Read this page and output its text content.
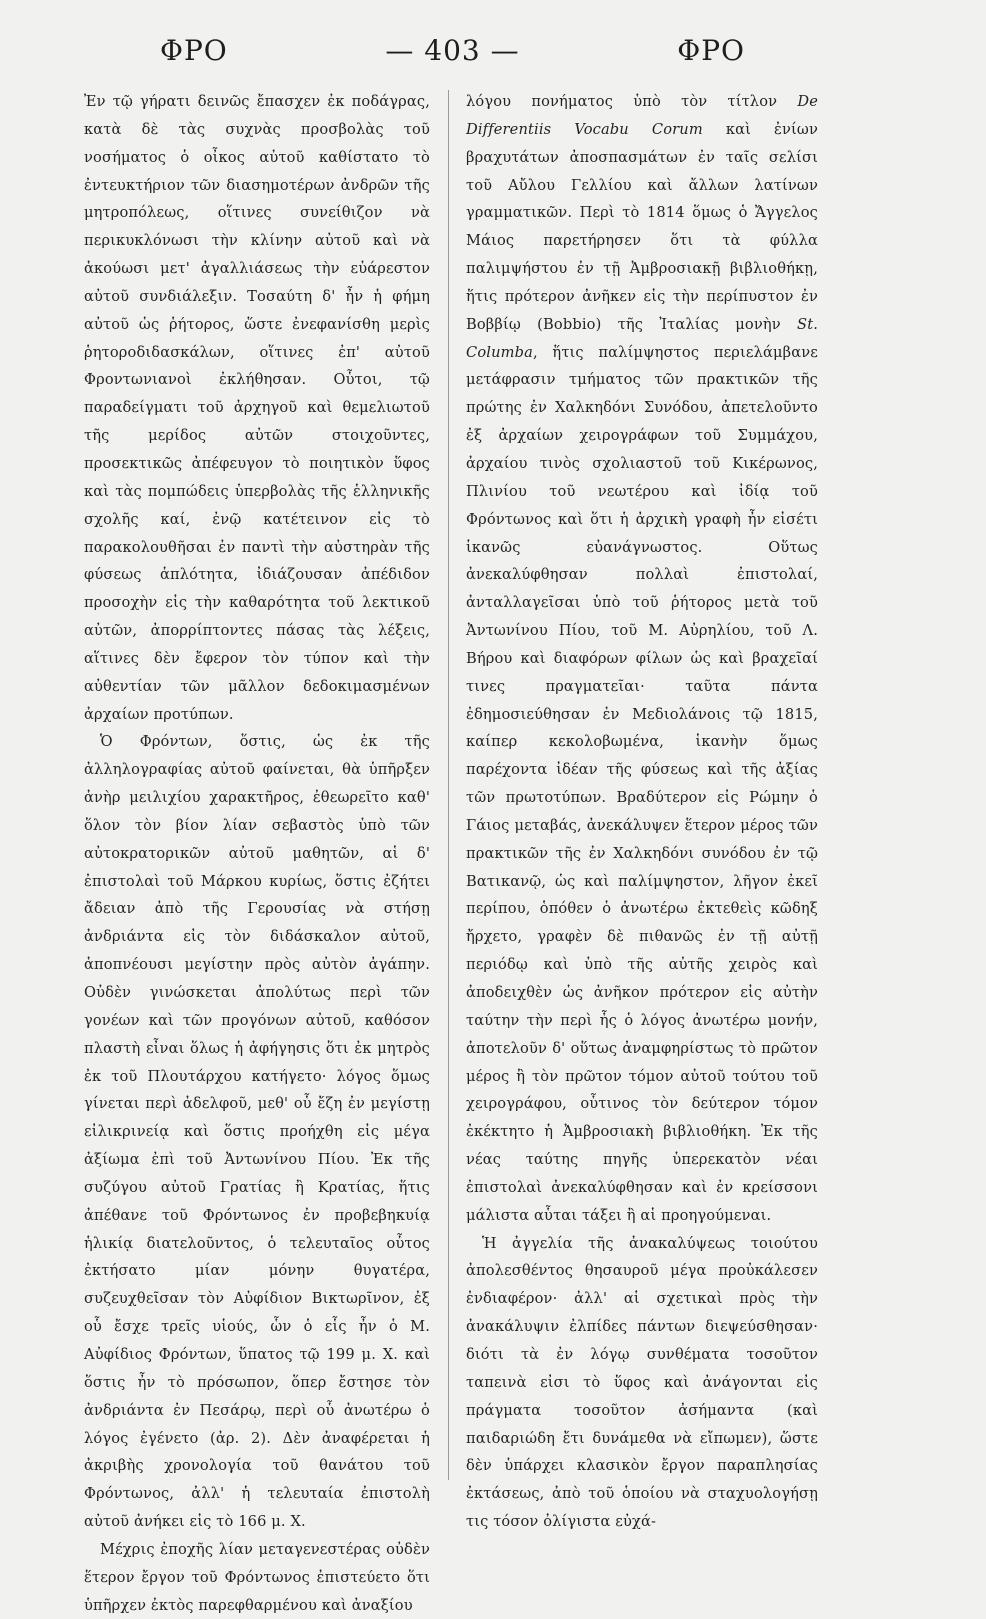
ΦΡΟ	— 403 —	ΦΡΟ

Ἐν τῷ γήρατι δεινῶς ἔπασχεν ἐκ ποδάγρας, κατὰ δὲ τὰς συχνὰς προσβολὰς τοῦ νοσήματος ὁ οἶκος αὐτοῦ καθίστατο τὸ ἐντευκτήριον τῶν διασημοτέρων ἀνδρῶν τῆς μητροπόλεως, οἵτινες συνείθιζον νὰ περικυκλόνωσι τὴν κλίνην αὐτοῦ καὶ νὰ ἀκούωσι μετ' ἀγαλλιάσεως τὴν εὐάρεστον αὐτοῦ συνδιάλεξιν. Τοσαύτη δ' ἦν ἡ φήμη αὐτοῦ ὡς ῥήτορος, ὥστε ἐνεφανίσθη μερὶς ῥητοροδιδασκάλων, οἵτινες ἐπ' αὐτοῦ Φροντωνιανοὶ ἐκλήθησαν. Οὗτοι, τῷ παραδείγματι τοῦ ἀρχηγοῦ καὶ θεμελιωτοῦ τῆς μερίδος αὐτῶν στοιχοῦντες, προσεκτικῶς ἀπέφευγον τὸ ποιητικὸν ὕφος καὶ τὰς πομπώδεις ὑπερβολὰς τῆς ἑλληνικῆς σχολῆς καί, ἐνῷ κατέτεινον εἰς τὸ παρακολουθῆσαι ἐν παντὶ τὴν αὐστηρὰν τῆς φύσεως ἁπλότητα, ἰδιάζουσαν ἀπέδιδον προσοχὴν εἰς τὴν καθαρότητα τοῦ λεκτικοῦ αὐτῶν, ἀπορρίπτοντες πάσας τὰς λέξεις, αἵτινες δὲν ἔφερον τὸν τύπον καὶ τὴν αὐθεντίαν τῶν μᾶλλον δεδοκιμασμένων ἀρχαίων προτύπων.

Ὁ Φρόντων, ὅστις, ὡς ἐκ τῆς ἀλληλογραφίας αὐτοῦ φαίνεται, θὰ ὑπῆρξεν ἀνὴρ μειλιχίου χαρακτῆρος, ἐθεωρεῖτο καθ' ὅλον τὸν βίον λίαν σεβαστὸς ὑπὸ τῶν αὐτοκρατορικῶν αὐτοῦ μαθητῶν, αἱ δ' ἐπιστολαὶ τοῦ Μάρκου κυρίως, ὅστις ἐζήτει ἄδειαν ἀπὸ τῆς Γερουσίας νὰ στήσῃ ἀνδριάντα εἰς τὸν διδάσκαλον αὐτοῦ, ἀποπνέουσι μεγίστην πρὸς αὐτὸν ἀγάπην. Οὐδὲν γινώσκεται ἀπολύτως περὶ τῶν γονέων καὶ τῶν προγόνων αὐτοῦ, καθόσον πλαστὴ εἶναι ὅλως ἡ ἀφήγησις ὅτι ἐκ μητρὸς ἐκ τοῦ Πλουτάρχου κατήγετο· λόγος ὅμως γίνεται περὶ ἀδελφοῦ, μεθ' οὗ ἔζη ἐν μεγίστῃ εἰλικρινείᾳ καὶ ὅστις προήχθη εἰς μέγα ἀξίωμα ἐπὶ τοῦ Ἀντωνίνου Πίου. Ἐκ τῆς συζύγου αὐτοῦ Γρατίας ἢ Κρατίας, ἥτις ἀπέθανε τοῦ Φρόντωνος ἐν προβεβηκυίᾳ ἡλικίᾳ διατελοῦντος, ὁ τελευταῖος οὗτος ἐκτήσατο μίαν μόνην θυγατέρα, συζευχθεῖσαν τὸν Αὐφίδιον Βικτωρῖνον, ἐξ οὗ ἔσχε τρεῖς υἱούς, ὧν ὁ εἷς ἦν ὁ Μ. Αὐφίδιος Φρόντων, ὕπατος τῷ 199 μ. Χ. καὶ ὅστις ἦν τὸ πρόσωπον, ὅπερ ἔστησε τὸν ἀνδριάντα ἐν Πεσάρῳ, περὶ οὗ ἀνωτέρω ὁ λόγος ἐγένετο (ἀρ. 2). Δὲν ἀναφέρεται ἡ ἀκριβὴς χρονολογία τοῦ θανάτου τοῦ Φρόντωνος, ἀλλ' ἡ τελευταία ἐπιστολὴ αὐτοῦ ἀνήκει εἰς τὸ 166 μ. Χ.

Μέχρις ἐποχῆς λίαν μεταγενεστέρας οὐδὲν ἕτερον ἔργον τοῦ Φρόντωνος ἐπιστεύετο ὅτι ὑπῆρχεν ἐκτὸς παρεφθαρμένου καὶ ἀναξίου

λόγου πονήματος ὑπὸ τὸν τίτλον De Differentiis Vocabu Corum καὶ ἐνίων βραχυτάτων ἀποσπασμάτων ἐν ταῖς σελίσι τοῦ Αὔλου Γελλίου καὶ ἄλλων λατίνων γραμματικῶν. Περὶ τὸ 1814 ὅμως ὁ Ἄγγελος Μάιος παρετήρησεν ὅτι τὰ φύλλα παλιμψήστου ἐν τῇ Ἀμβροσιακῇ βιβλιοθήκῃ, ἥτις πρότερον ἀνῆκεν εἰς τὴν περίπυστον ἐν Βοββίῳ (Bobbio) τῆς Ἰταλίας μονὴν St. Columba, ἥτις παλίμψηστος περιελάμβανε μετάφρασιν τμήματος τῶν πρακτικῶν τῆς πρώτης ἐν Χαλκηδόνι Συνόδου, ἀπετελοῦντο ἐξ ἀρχαίων χειρογράφων τοῦ Συμμάχου, ἀρχαίου τινὸς σχολιαστοῦ τοῦ Κικέρωνος, Πλινίου τοῦ νεωτέρου καὶ ἰδίᾳ τοῦ Φρόντωνος καὶ ὅτι ἡ ἀρχικὴ γραφὴ ἦν εἰσέτι ἱκανῶς εὐανάγνωστος. Οὕτως ἀνεκαλύφθησαν πολλαὶ ἐπιστολαί, ἀνταλλαγεῖσαι ὑπὸ τοῦ ῥήτορος μετὰ τοῦ Ἀντωνίνου Πίου, τοῦ Μ. Αὐρηλίου, τοῦ Λ. Βήρου καὶ διαφόρων φίλων ὡς καὶ βραχεῖαί τινες πραγματεῖαι· ταῦτα πάντα ἐδημοσιεύθησαν ἐν Μεδιολάνοις τῷ 1815, καίπερ κεκολοβωμένα, ἱκανὴν ὅμως παρέχοντα ἰδέαν τῆς φύσεως καὶ τῆς ἀξίας τῶν πρωτοτύπων. Βραδύτερον εἰς Ρώμην ὁ Γάιος μεταβάς, ἀνεκάλυψεν ἕτερον μέρος τῶν πρακτικῶν τῆς ἐν Χαλκηδόνι συνόδου ἐν τῷ Βατικανῷ, ὡς καὶ παλίμψηστον, λῆγον ἐκεῖ περίπου, ὁπόθεν ὁ ἀνωτέρω ἐκτεθεὶς κῶδηξ ἤρχετο, γραφὲν δὲ πιθανῶς ἐν τῇ αὐτῇ περιόδῳ καὶ ὑπὸ τῆς αὐτῆς χειρὸς καὶ ἀποδειχθὲν ὡς ἀνῆκον πρότερον εἰς αὐτὴν ταύτην τὴν περὶ ἧς ὁ λόγος ἀνωτέρω μονήν, ἀποτελοῦν δ' οὕτως ἀναμφηρίστως τὸ πρῶτον μέρος ἢ τὸν πρῶτον τόμον αὐτοῦ τούτου τοῦ χειρογράφου, οὗτινος τὸν δεύτερον τόμον ἐκέκτητο ἡ Ἀμβροσιακὴ βιβλιοθήκη. Ἐκ τῆς νέας ταύτης πηγῆς ὑπερεκατὸν νέαι ἐπιστολαὶ ἀνεκαλύφθησαν καὶ ἐν κρείσσονι μάλιστα αὗται τάξει ἢ αἱ προηγούμεναι.

Ἡ ἀγγελία τῆς ἀνακαλύψεως τοιούτου ἀπολεσθέντος θησαυροῦ μέγα προὐκάλεσεν ἐνδιαφέρον· ἀλλ' αἱ σχετικαὶ πρὸς τὴν ἀνακάλυψιν ἐλπίδες πάντων διεψεύσθησαν· διότι τὰ ἐν λόγῳ συνθέματα τοσοῦτον ταπεινὰ εἰσι τὸ ὕφος καὶ ἀνάγονται εἰς πράγματα τοσοῦτον ἀσήμαντα (καὶ παιδαριώδη ἔτι δυνάμεθα νὰ εἴπωμεν), ὥστε δὲν ὑπάρχει κλασικὸν ἔργον παραπλησίας ἐκτάσεως, ἀπὸ τοῦ ὁποίου νὰ σταχυολογήσῃ τις τόσον ὀλίγιστα εὐχά-
